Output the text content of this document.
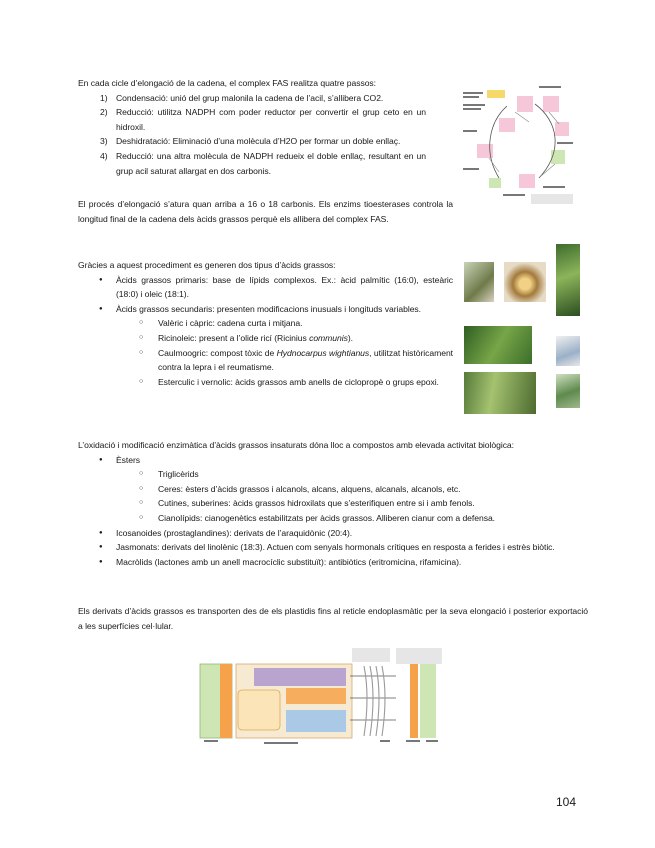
En cada cicle d’elongació de la cadena, el complex FAS realitza quatre passos:

1) Condensació: unió del grup malonila la cadena de l’acil, s’allibera CO2.
2) Reducció: utilitza NADPH com poder reductor per convertir el grup ceto en un hidroxil.
3) Deshidratació: Eliminació d’una molècula d’H2O per formar un doble enllaç.
4) Reducció: una altra molècula de NADPH redueix el doble enllaç, resultant en un grup acil saturat allargat en dos carbonis.

El procés d’elongació s’atura quan arriba a 16 o 18 carbonis. Els enzims tioesterases controla la longitud final de la cadena dels àcids grassos perquè els allibera del complex FAS.

Gràcies a aquest procediment es generen dos tipus d’àcids grassos:

● Àcids grassos primaris: base de lípids complexos. Ex.: àcid palmític (16:0), esteàric (18:0) i oleic (18:1).
● Àcids grassos secundaris: presenten modificacions inusuals i longituds variables.
○ Valèric i càpric: cadena curta i mitjana.
○ Ricinoleic: present a l’olide ricí (Ricinius communis).
○ Caulmoogric: compost tòxic de Hydnocarpus wightianus, utilitzat històricament contra la lepra i el reumatisme.
○ Esterculic i vernolic: àcids grassos amb anells de ciclopropè o grups epoxi.

L’oxidació i modificació enzimàtica d’àcids grassos insaturats dóna lloc a compostos amb elevada activitat biològica:

● Èsters
○ Triglicèrids
○ Ceres: èsters d’àcids grassos i alcanols, alcans, alquens, alcanals, alcanols, etc.
○ Cutines, suberines: àcids grassos hidroxilats que s’esterifiquen entre si i amb fenols.
○ Cianolípids: cianogenètics estabilitzats per àcids grassos. Alliberen cianur com a defensa.
● Icosanoides (prostaglandines): derivats de l’araquidònic (20:4).
● Jasmonats: derivats del linolènic (18:3). Actuen com senyals hormonals crítiques en resposta a ferides i estrès biòtic.
● Macròlids (lactones amb un anell macrocíclic substituït): antibiòtics (eritromicina, rifamicina).

Els derivats d’àcids grassos es transporten des de els plastidis fins al reticle endoplasmàtic per la seva elongació i posterior exportació a les superfícies cel·lular.

104
